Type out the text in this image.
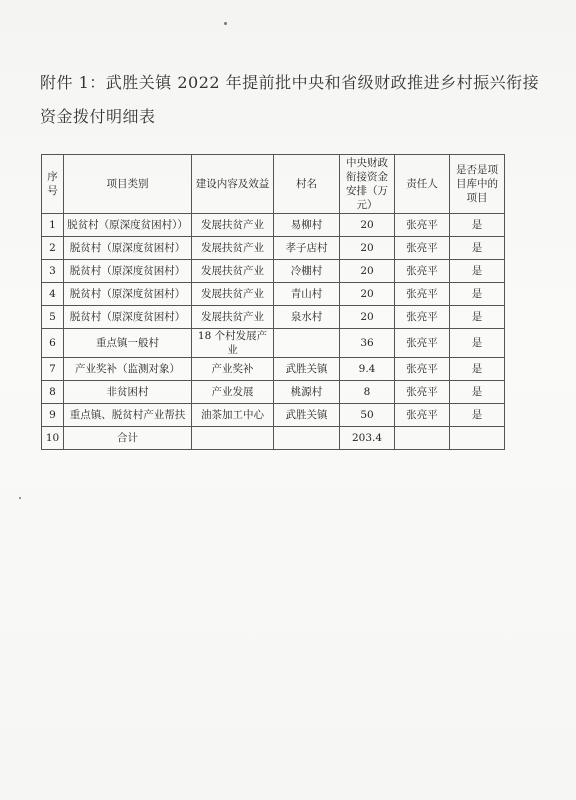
附件 1：武胜关镇 2022 年提前批中央和省级财政推进乡村振兴衔接资金拨付明细表
序号	项目类别	建设内容及效益	村名	中央财政衔接资金安排（万元）	责任人	是否是项目库中的项目
1	脱贫村（原深度贫困村））	发展扶贫产业	易柳村	20	张亮平	是
2	脱贫村（原深度贫困村）	发展扶贫产业	孝子店村	20	张亮平	是
3	脱贫村（原深度贫困村）	发展扶贫产业	冷棚村	20	张亮平	是
4	脱贫村（原深度贫困村）	发展扶贫产业	青山村	20	张亮平	是
5	脱贫村（原深度贫困村）	发展扶贫产业	泉水村	20	张亮平	是
6	重点镇一般村	18 个村发展产业		36	张亮平	是
7	产业奖补（监测对象）	产业奖补	武胜关镇	9.4	张亮平	是
8	非贫困村	产业发展	桃源村	8	张亮平	是
9	重点镇、脱贫村产业帮扶	油茶加工中心	武胜关镇	50	张亮平	是
10	合计			203.4		
